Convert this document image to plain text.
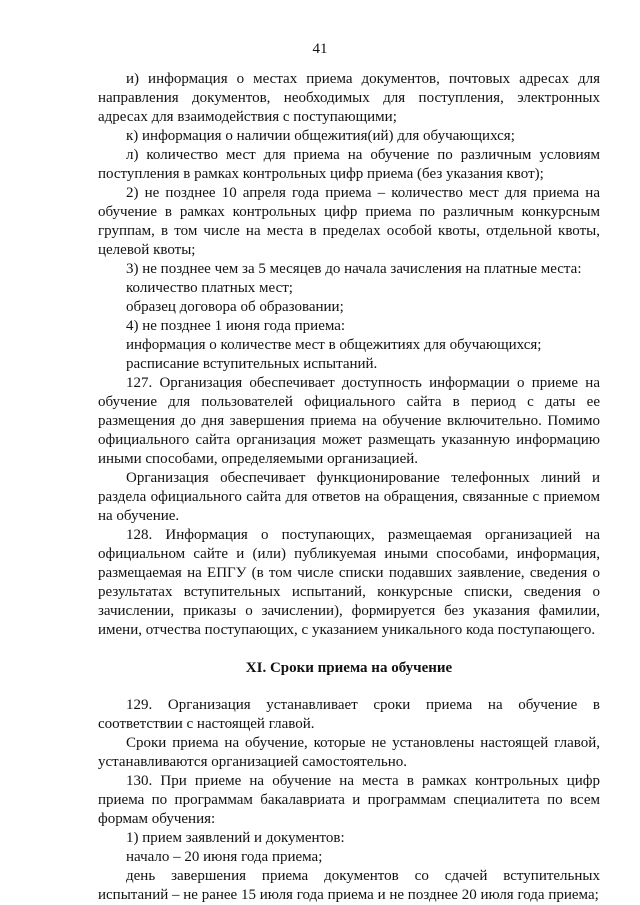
41

и) информация о местах приема документов, почтовых адресах для направления документов, необходимых для поступления, электронных адресах для взаимодействия с поступающими;

к) информация о наличии общежития(ий) для обучающихся;

л) количество мест для приема на обучение по различным условиям поступления в рамках контрольных цифр приема (без указания квот);

2) не позднее 10 апреля года приема – количество мест для приема на обучение в рамках контрольных цифр приема по различным конкурсным группам, в том числе на места в пределах особой квоты, отдельной квоты, целевой квоты;

3) не позднее чем за 5 месяцев до начала зачисления на платные места:

количество платных мест;

образец договора об образовании;

4) не позднее 1 июня года приема:

информация о количестве мест в общежитиях для обучающихся;

расписание вступительных испытаний.

127. Организация обеспечивает доступность информации о приеме на обучение для пользователей официального сайта в период с даты ее размещения до дня завершения приема на обучение включительно. Помимо официального сайта организация может размещать указанную информацию иными способами, определяемыми организацией.

Организация обеспечивает функционирование телефонных линий и раздела официального сайта для ответов на обращения, связанные с приемом на обучение.

128. Информация о поступающих, размещаемая организацией на официальном сайте и (или) публикуемая иными способами, информация, размещаемая на ЕПГУ (в том числе списки подавших заявление, сведения о результатах вступительных испытаний, конкурсные списки, сведения о зачислении, приказы о зачислении), формируется без указания фамилии, имени, отчества поступающих, с указанием уникального кода поступающего.

XI. Сроки приема на обучение

129. Организация устанавливает сроки приема на обучение в соответствии с настоящей главой.

Сроки приема на обучение, которые не установлены настоящей главой, устанавливаются организацией самостоятельно.

130. При приеме на обучение на места в рамках контрольных цифр приема по программам бакалавриата и программам специалитета по всем формам обучения:

1) прием заявлений и документов:

начало – 20 июня года приема;

день завершения приема документов со сдачей вступительных испытаний – не ранее 15 июля года приема и не позднее 20 июля года приема;
